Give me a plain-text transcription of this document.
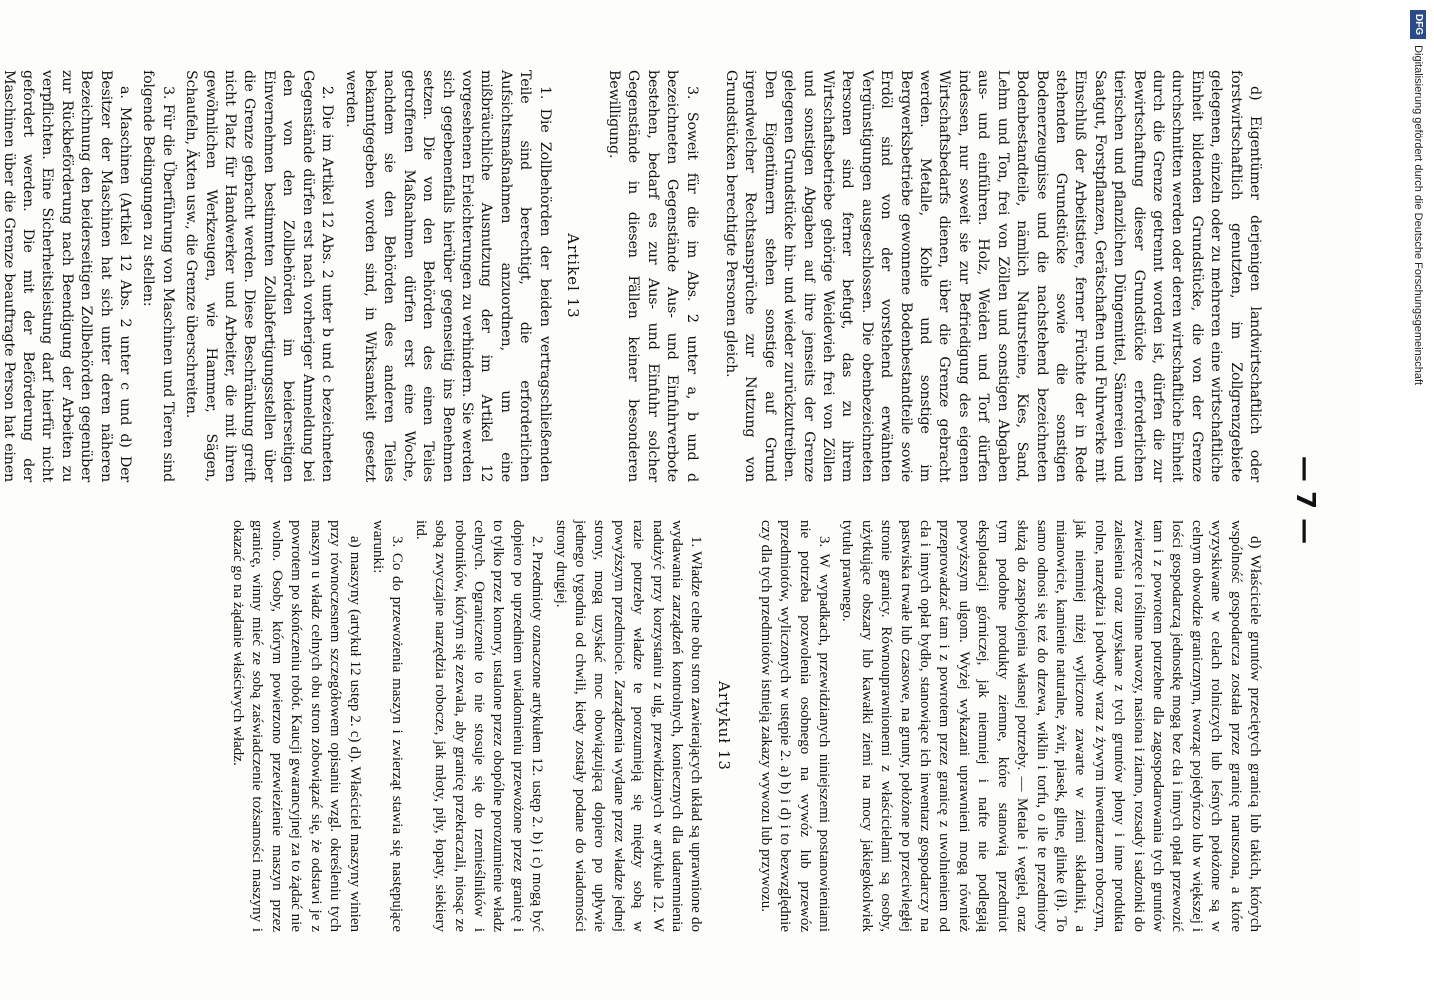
— 7 —

d) Eigentümer derjenigen landwirtschaftlich oder forstwirtschaftlich genutzten, im Zollgrenzgebiete gelegenen, einzeln oder zu mehreren eine wirtschaftliche Einheit bildenden Grundstücke, die von der Grenze durchschnitten werden oder deren wirtschaftliche Einheit durch die Grenze getrennt worden ist, dürfen die zur Bewirtschaftung dieser Grundstücke erforderlichen tierischen und pflanzlichen Düngemittel, Sämereien und Saatgut, Forstpflanzen, Gerätschaften und Fuhrwerke mit Einschluß der Arbeitstiere, ferner Früchte der in Rede stehenden Grundstücke sowie die sonstigen Bodenerzeugnisse und die nachstehend bezeichneten Bodenbestandteile, nämlich Natursteine, Kies, Sand, Lehm und Ton, frei von Zöllen und sonstigen Abgaben aus- und einführen. Holz, Weiden und Torf dürfen indessen, nur soweit sie zur Befriedigung des eigenen Wirtschaftsbedarfs dienen, über die Grenze gebracht werden. Metalle, Kohle und sonstige im Bergwerksbetriebe gewonnene Bodenbestandteile sowie Erdöl sind von der vorstehend erwähnten Vergünstigungen ausgeschlossen. Die obenbezeichneten Personen sind ferner befugt, das zu ihrem Wirtschaftsbetriebe gehörige Weidevieh frei von Zöllen und sonstigen Abgaben auf ihre jenseits der Grenze gelegenen Grundstücke hin- und wieder zurückzutreiben. Den Eigentümern stehen sonstige auf Grund irgendwelcher Rechtsansprüche zur Nutzung von Grundstücken berechtigte Personen gleich.

3. Soweit für die im Abs. 2 unter a, b und d bezeichneten Gegenstände Aus- und Einfuhrverbote bestehen, bedarf es zur Aus- und Einfuhr solcher Gegenstände in diesen Fällen keiner besonderen Bewilligung.

Artikel 13

1. Die Zollbehörden der beiden vertragschließenden Teile sind berechtigt, die erforderlichen Aufsichtsmaßnahmen anzuordnen, um eine mißbräuchliche Ausnutzung der im Artikel 12 vorgesehenen Erleichterungen zu verhindern. Sie werden sich gegebenenfalls hierüber gegenseitig ins Benehmen setzen. Die von den Behörden des einen Teiles getroffenen Maßnahmen dürfen erst eine Woche, nachdem sie den Behörden des anderen Teiles bekanntgegeben worden sind, in Wirksamkeit gesetzt werden.

2. Die im Artikel 12 Abs. 2 unter b und c bezeichneten Gegenstände dürfen erst nach vorheriger Anmeldung bei den von den Zollbehörden im beiderseitigen Einvernehmen bestimmten Zollabfertigungsstellen über die Grenze gebracht werden. Diese Beschränkung greift nicht Platz für Handwerker und Arbeiter, die mit ihren gewöhnlichen Werkzeugen, wie Hammer, Sägen, Schaufeln, Äxten usw., die Grenze überschreiten.

3. Für die Überführung von Maschinen und Tieren sind folgende Bedingungen zu stellen:

a. Maschinen (Artikel 12 Abs. 2 unter c und d) Der Besitzer der Maschinen hat sich unter deren näheren Bezeichnung den beiderseitigen Zollbehörden gegenüber zur Rückbeförderung nach Beendigung der Arbeiten zu verpflichten. Eine Sicherheitsleistung darf hierfür nicht gefordert werden. Die mit der Beförderung der Maschinen über die Grenze beauftragte Person hat einen

d) Właściciele gruntów przeciętych granicą lub takich, których wspólność gospodarcza została przez granicę naruszona, a które wyzyskiwane w celach rolniczych lub leśnych położone są w celnym obwodzie granicznym, tworząc pojedyńczo lub w większej i lości gospodarczą jednostkę mogą bez cła i innych opłat przewozić tam i z powrotem potrzebne dla zagospodarowania tych gruntów zwierzęce i roślinne nawozy, nasiona i ziarno, rozsady i sadzonki do zalesienia oraz uzyskane z tych gruntów płony i inne produkta rolne, narzędzia i podwody wraz z żywym inwentarzem roboczym, jak niemniej niżej wyliczone zawarte w ziemi składniki, a mianowicie, kamienie naturalne, żwir, piasek, gline, glinke (ił). To samo odnosi się też do drzewa, wiklin i torfu, o ile te przedmioty służą do zaspokojenia własnej potrzeby. — Metale i węgiel, oraz tym podobne produkty ziemne, które stanowią przedmiot eksploatacji górniczej, jak niemniej i nafte nie podlegają powyższym ulgom. Wyżej wykazani uprawnieni mogą również przeprowadzać tam i z powrotem przez granicę z uwolnieniem od cła i innych opłat bydło, stanowiące ich inwentarz gospodarczy na pastwiska trwałe lub czasowe, na grunty, położone po przeciwległej stronie granicy. Równouprawnionemi z właścicielami są osoby, użytkujące obszary lub kawałki ziemi na mocy jakiegokolwiek tytułu prawnego.

3. W wypadkach, przewidzianych niniejszemi postanowieniami nie potrzeba pozwolenia osobnego na wywóz lub przewóz przedmiotów, wyliczonych w ustępie 2. a) b) i d) i to bezwzględnie czy dla tych przedmiotów istnieją zakazy wywozu lub przywozu.

Artykuł 13

1. Władze celne obu stron zawierających układ są uprawnione do wydawania zarządzeń kontrolnych, koniecznych dla udaremnienia nadużyć przy korzystaniu z ulg, przewidzianych w artykule 12. W razie potrzeby władze te porozumieją się między sobą w powyższym przedmiocie. Zarządzenia wydane przez władze jednej strony, mogą uzyskać moc obowiązującą dopiero po upływie jednego tygodnia od chwili, kiedy zostały podane do wiadomości strony drugiej.

2. Przedmioty oznaczone artykułem 12. ustęp 2. b) i c) mogą być dopiero po uprzedniem uwiadomieniu przewożone przez granicę i to tylko przez komory, ustalone przez obopólne porozumienie władz celnych. Ograniczenie to nie stosuje się do rzemieślników i robotników, którym się zezwala, aby granicę przekraczali, niosąc ze sobą zwyczajne narzędzia robocze, jak młoty, piły, łopaty, siekiery itd.

3. Co do przewożenia maszyn i zwierząt stawia się następujące warunki:

a) maszyny (artykuł 12 ustęp 2. c) d). Właściciel maszyny winien przy równoczesnem szczegółowem opisaniu wzgl. określeniu tych maszyn u władz celnych obu stron zobowiązać się, że odstawi je z powrotem po skończeniu robót. Kaucji gwarancyjnej za to żądać nie wolno. Osoby, którym powierzono przewiezienie maszyn przez granicę, winny mieć ze sobą zaświadczenie tożsamości maszyny i okazać go na żądanie właściwych władz.

DFG
Digitalisierung gefördert durch die Deutsche Forschungsgemeinschaft
